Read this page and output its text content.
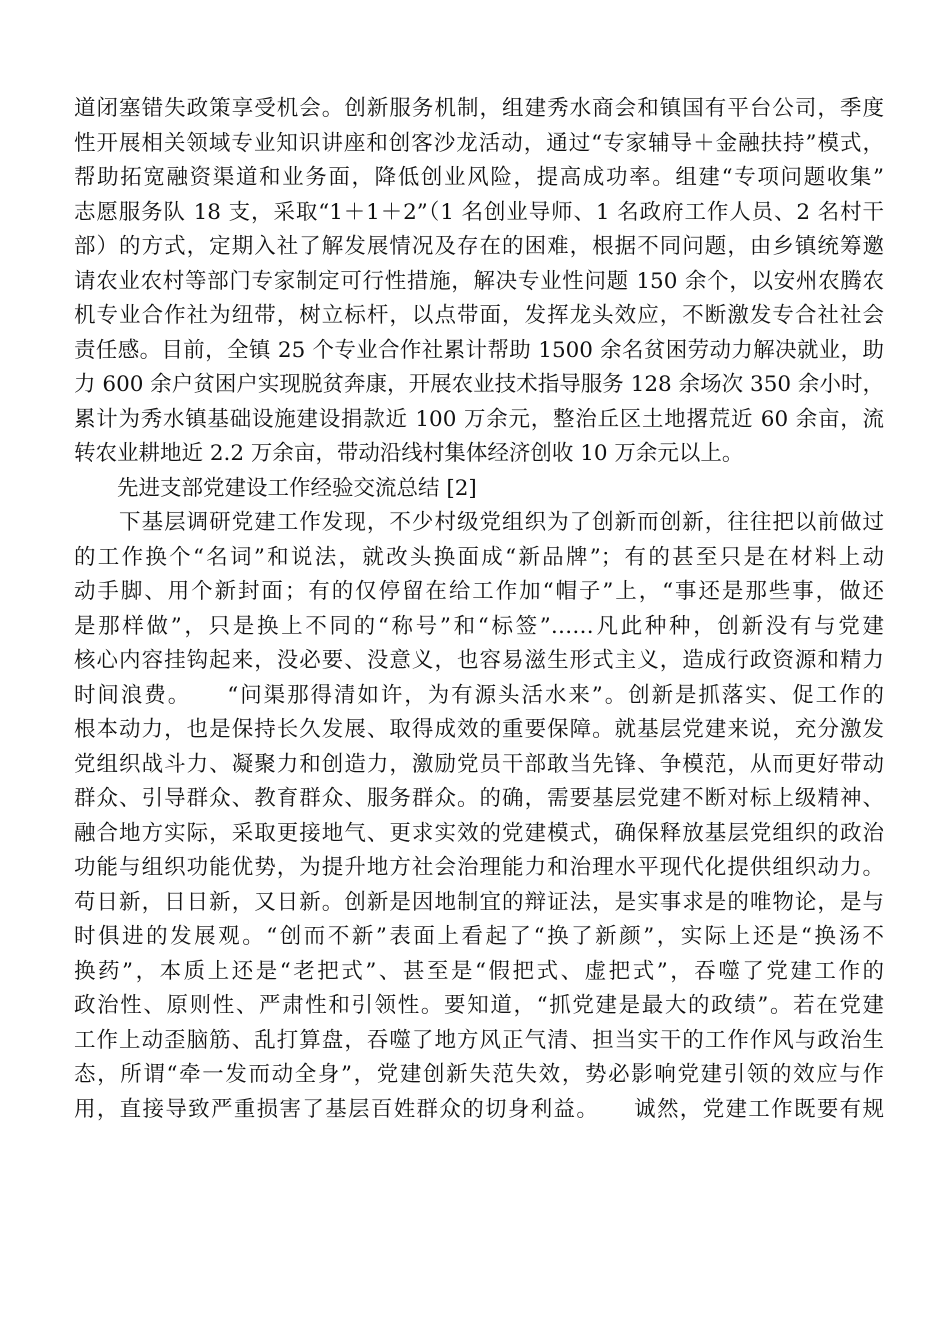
道闭塞错失政策享受机会。创新服务机制，组建秀水商会和镇国有平台公司，季度
性开展相关领域专业知识讲座和创客沙龙活动，通过“专家辅导＋金融扶持”模式，
帮助拓宽融资渠道和业务面，降低创业风险，提高成功率。组建“专项问题收集”
志愿服务队 18 支，采取“1＋1＋2”（1 名创业导师、1 名政府工作人员、2 名村干
部）的方式，定期入社了解发展情况及存在的困难，根据不同问题，由乡镇统筹邀
请农业农村等部门专家制定可行性措施，解决专业性问题 150 余个，以安州农腾农
机专业合作社为纽带，树立标杆，以点带面，发挥龙头效应，不断激发专合社社会
责任感。目前，全镇 25 个专业合作社累计帮助 1500 余名贫困劳动力解决就业，助
力 600 余户贫困户实现脱贫奔康，开展农业技术指导服务 128 余场次 350 余小时，
累计为秀水镇基础设施建设捐款近 100 万余元，整治丘区土地撂荒近 60 余亩，流
转农业耕地近 2.2 万余亩，带动沿线村集体经济创收 10 万余元以上。
先进支部党建设工作经验交流总结 [2]
　　下基层调研党建工作发现，不少村级党组织为了创新而创新，往往把以前做过
的工作换个“名词”和说法，就改头换面成“新品牌”；有的甚至只是在材料上动
动手脚、用个新封面；有的仅停留在给工作加“帽子”上，“事还是那些事，做还
是那样做”，只是换上不同的“称号”和“标签”……凡此种种，创新没有与党建
核心内容挂钩起来，没必要、没意义，也容易滋生形式主义，造成行政资源和精力
时间浪费。　　“问渠那得清如许，为有源头活水来”。创新是抓落实、促工作的
根本动力，也是保持长久发展、取得成效的重要保障。就基层党建来说，充分激发
党组织战斗力、凝聚力和创造力，激励党员干部敢当先锋、争模范，从而更好带动
群众、引导群众、教育群众、服务群众。的确，需要基层党建不断对标上级精神、
融合地方实际，采取更接地气、更求实效的党建模式，确保释放基层党组织的政治
功能与组织功能优势，为提升地方社会治理能力和治理水平现代化提供组织动力。
苟日新，日日新，又日新。创新是因地制宜的辩证法，是实事求是的唯物论，是与
时俱进的发展观。“创而不新”表面上看起了“换了新颜”，实际上还是“换汤不
换药”，本质上还是“老把式”、甚至是“假把式、虚把式”，吞噬了党建工作的
政治性、原则性、严肃性和引领性。要知道，“抓党建是最大的政绩”。若在党建
工作上动歪脑筋、乱打算盘，吞噬了地方风正气清、担当实干的工作作风与政治生
态，所谓“牵一发而动全身”，党建创新失范失效，势必影响党建引领的效应与作
用，直接导致严重损害了基层百姓群众的切身利益。　　诚然，党建工作既要有规
